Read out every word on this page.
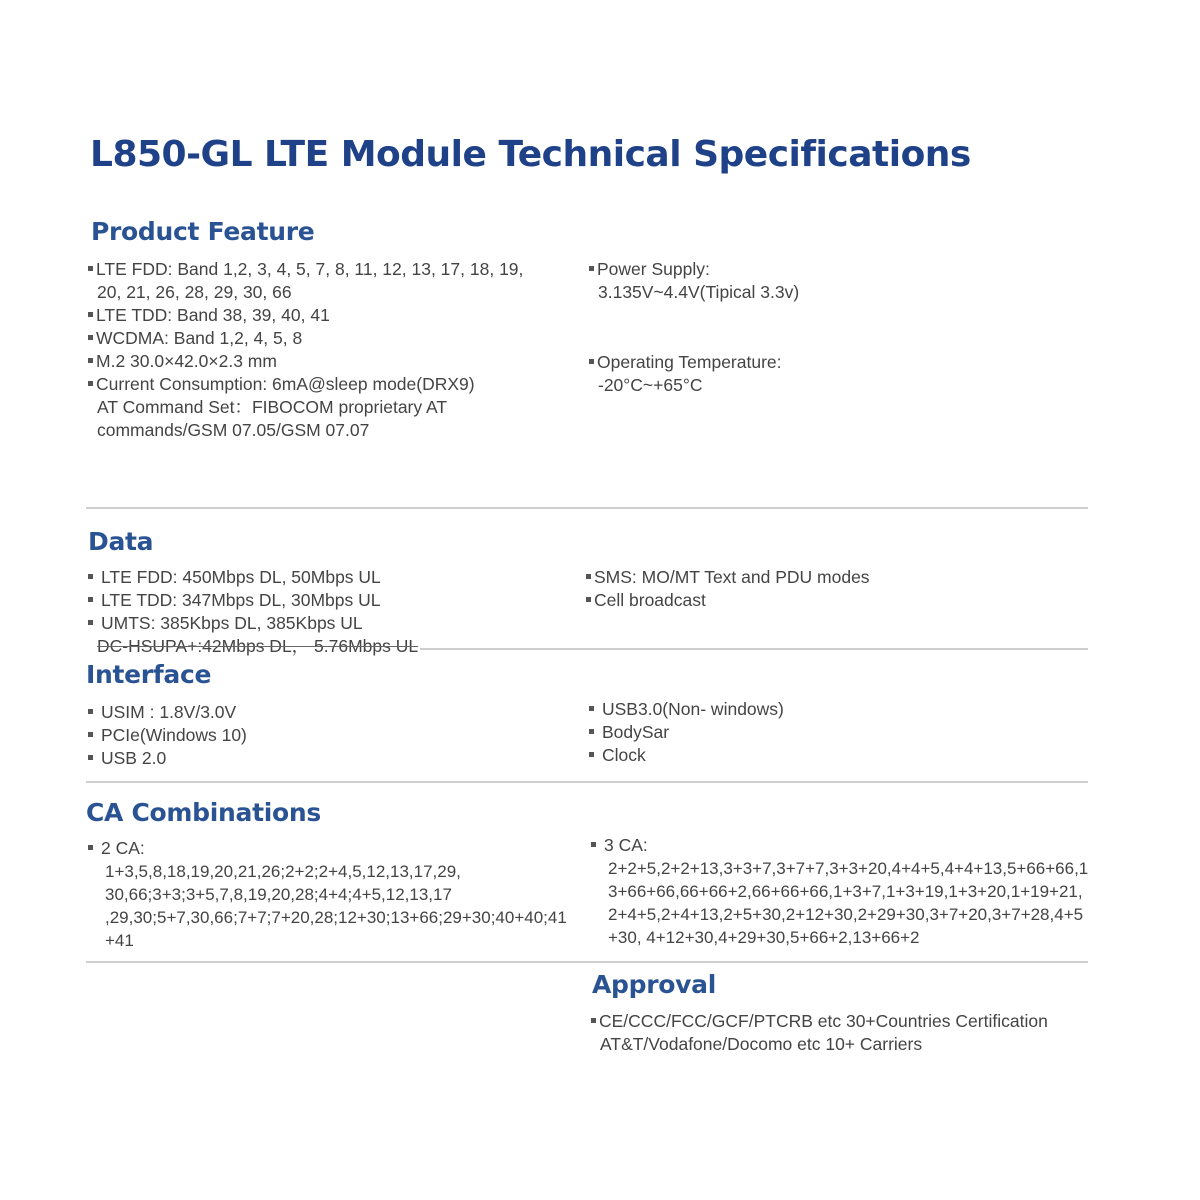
L850-GL LTE Module Technical Specifications
Product Feature
LTE FDD: Band 1,2, 3, 4, 5, 7, 8, 11, 12, 13, 17, 18, 19,
20, 21, 26, 28, 29, 30, 66
LTE TDD: Band 38, 39, 40, 41
WCDMA: Band 1,2, 4, 5, 8
M.2 30.0×42.0×2.3 mm
Current Consumption: 6mA@sleep mode(DRX9)
AT Command Set：FIBOCOM proprietary AT
commands/GSM 07.05/GSM 07.07
Power Supply:
3.135V~4.4V(Tipical 3.3v)
Operating Temperature:
-20°C~+65°C
Data
LTE FDD: 450Mbps DL, 50Mbps UL
LTE TDD: 347Mbps DL, 30Mbps UL
UMTS: 385Kbps DL, 385Kbps UL
DC-HSUPA+:42Mbps DL， 5.76Mbps UL
SMS: MO/MT Text and PDU modes
Cell broadcast
Interface
USIM : 1.8V/3.0V
PCIe(Windows 10)
USB 2.0
USB3.0(Non- windows)
BodySar
Clock
CA Combinations
2 CA:
1+3,5,8,18,19,20,21,26;2+2;2+4,5,12,13,17,29,
30,66;3+3;3+5,7,8,19,20,28;4+4;4+5,12,13,17
,29,30;5+7,30,66;7+7;7+20,28;12+30;13+66;29+30;40+40;41
+41
3 CA:
2+2+5,2+2+13,3+3+7,3+7+7,3+3+20,4+4+5,4+4+13,5+66+66,1
3+66+66,66+66+2,66+66+66,1+3+7,1+3+19,1+3+20,1+19+21,
2+4+5,2+4+13,2+5+30,2+12+30,2+29+30,3+7+20,3+7+28,4+5
+30, 4+12+30,4+29+30,5+66+2,13+66+2
Approval
CE/CCC/FCC/GCF/PTCRB etc 30+Countries Certification
AT&T/Vodafone/Docomo etc 10+ Carriers
